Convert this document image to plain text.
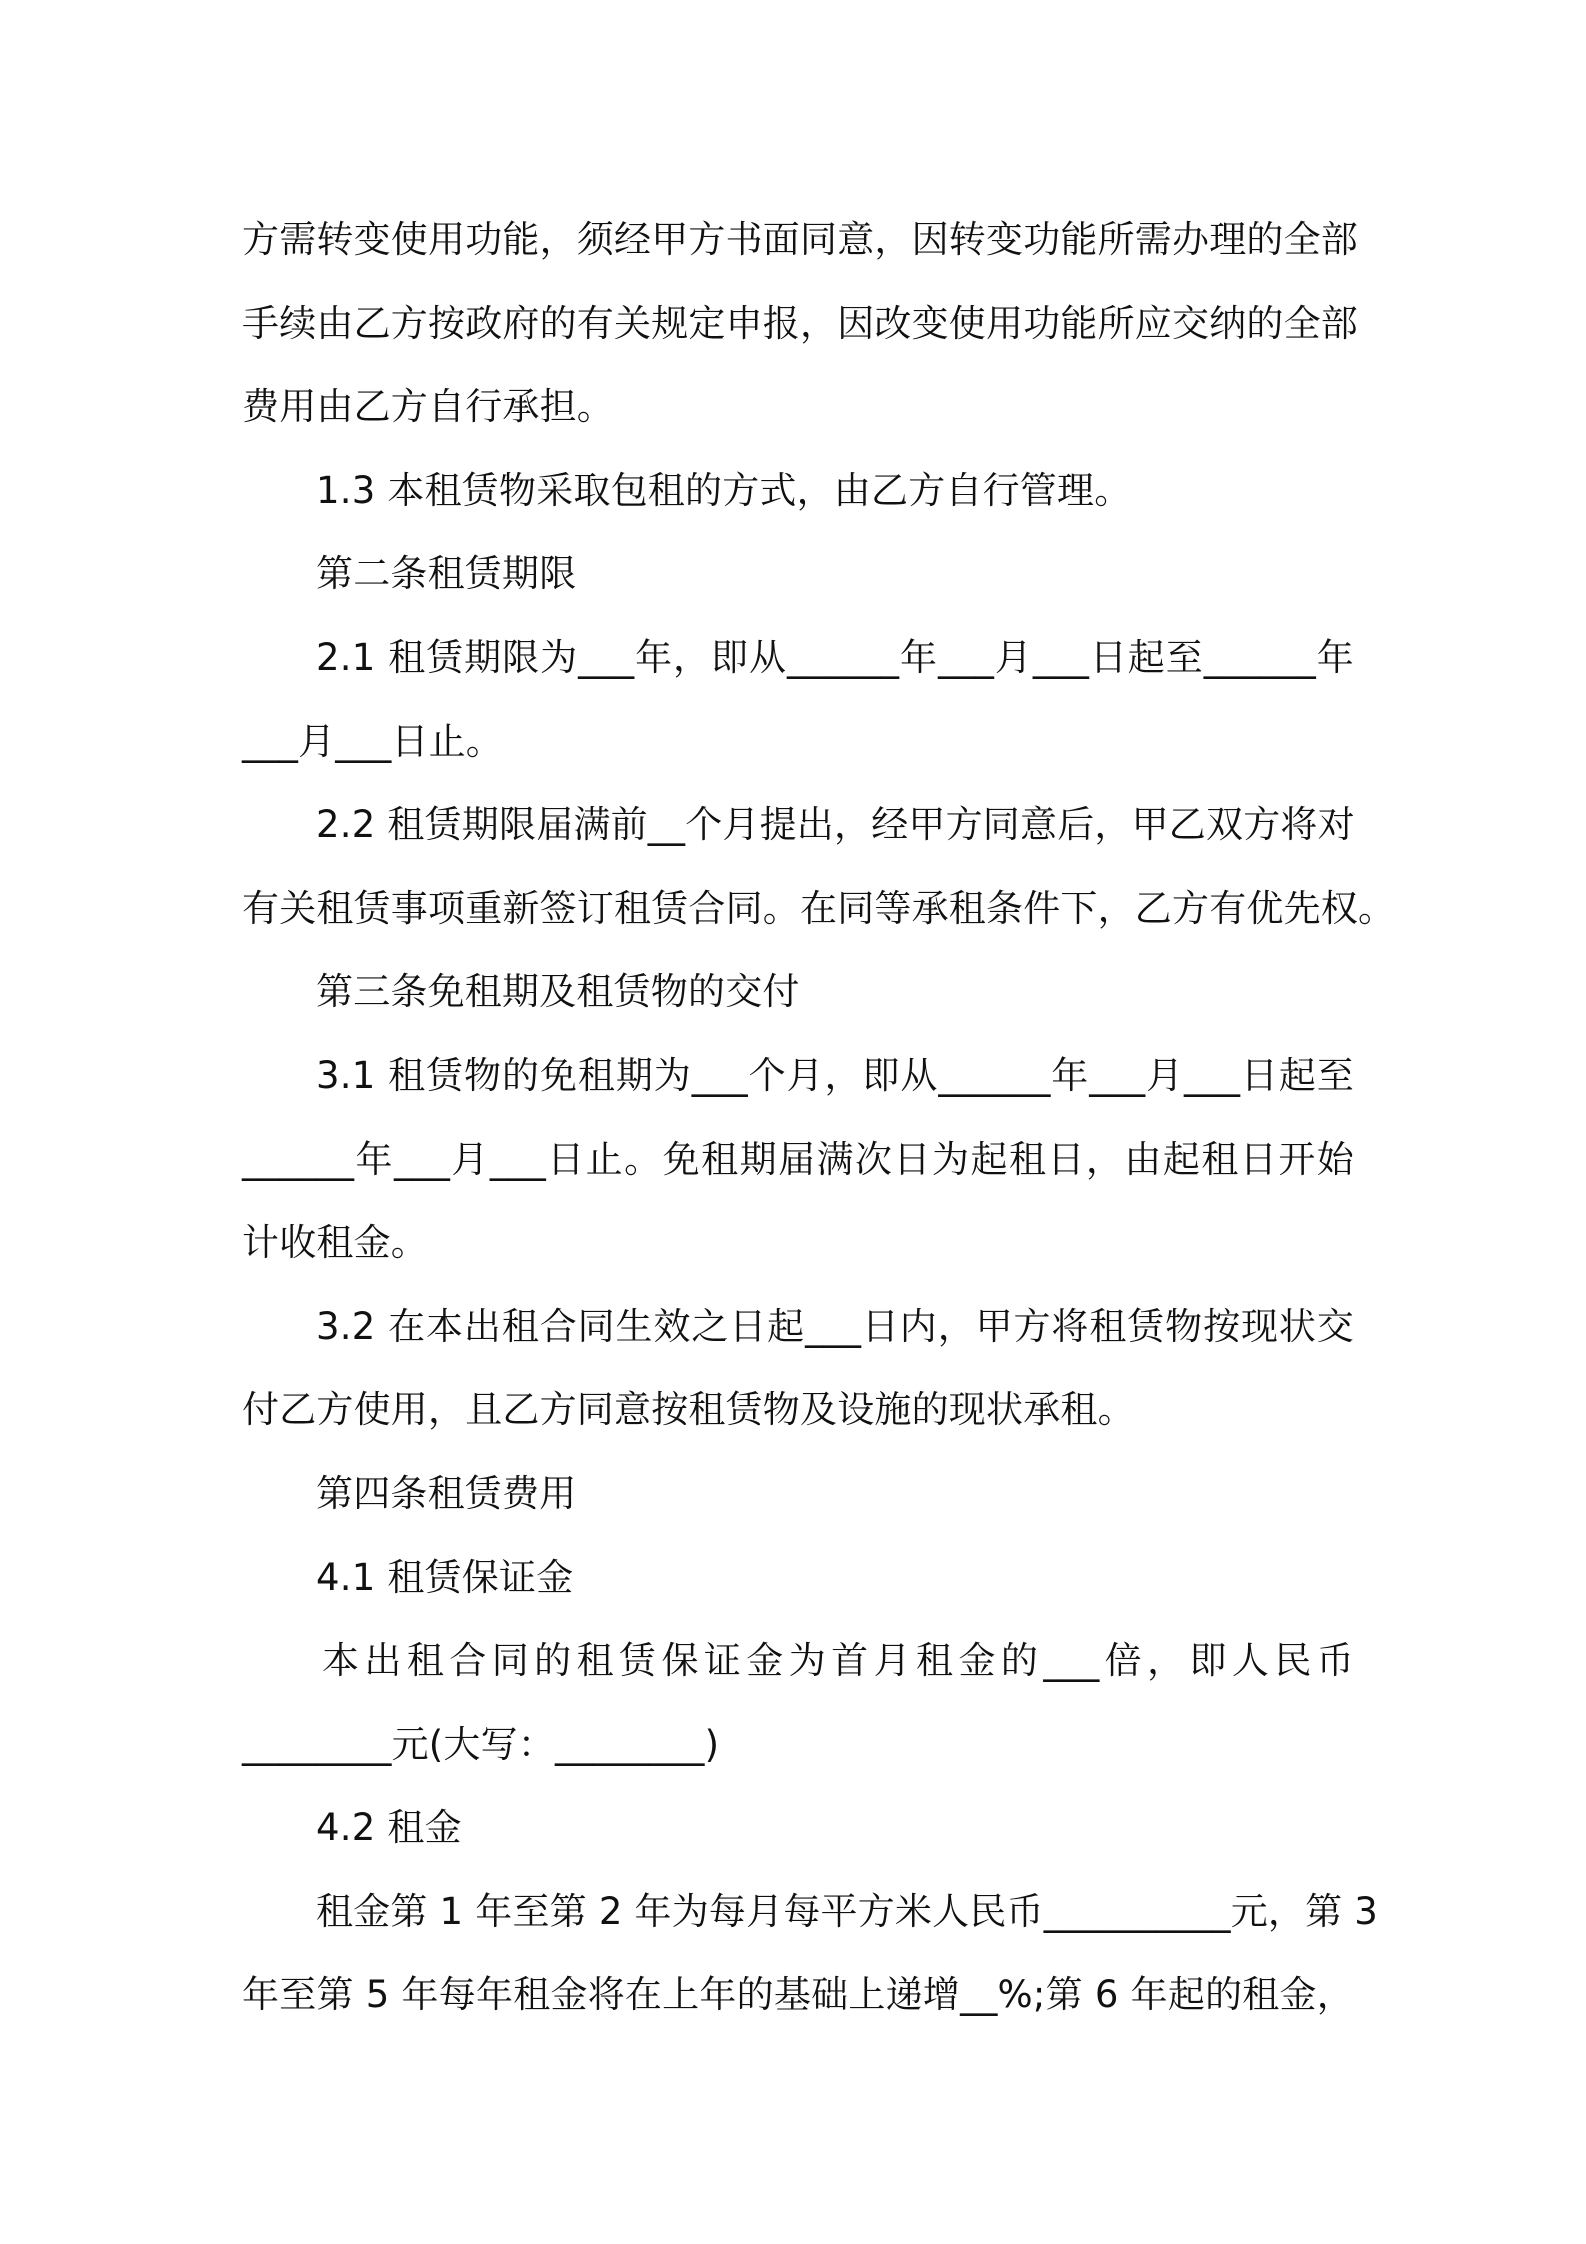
方需转变使用功能，须经甲方书面同意，因转变功能所需办理的全部
手续由乙方按政府的有关规定申报，因改变使用功能所应交纳的全部
费用由乙方自行承担。
1.3 本租赁物采取包租的方式，由乙方自行管理。
第二条租赁期限
2.1 租赁期限为___年，即从______年___月___日起至______年
___月___日止。
2.2 租赁期限届满前__个月提出，经甲方同意后，甲乙双方将对
有关租赁事项重新签订租赁合同。在同等承租条件下，乙方有优先权。
第三条免租期及租赁物的交付
3.1 租赁物的免租期为___个月，即从______年___月___日起至
______年___月___日止。免租期届满次日为起租日，由起租日开始
计收租金。
3.2 在本出租合同生效之日起___日内，甲方将租赁物按现状交
付乙方使用，且乙方同意按租赁物及设施的现状承租。
第四条租赁费用
4.1 租赁保证金
本出租合同的租赁保证金为首月租金的___倍，即人民币
________元(大写：________)
4.2 租金
租金第 1 年至第 2 年为每月每平方米人民币__________元，第 3
年至第 5 年每年租金将在上年的基础上递增__%;第 6 年起的租金，
